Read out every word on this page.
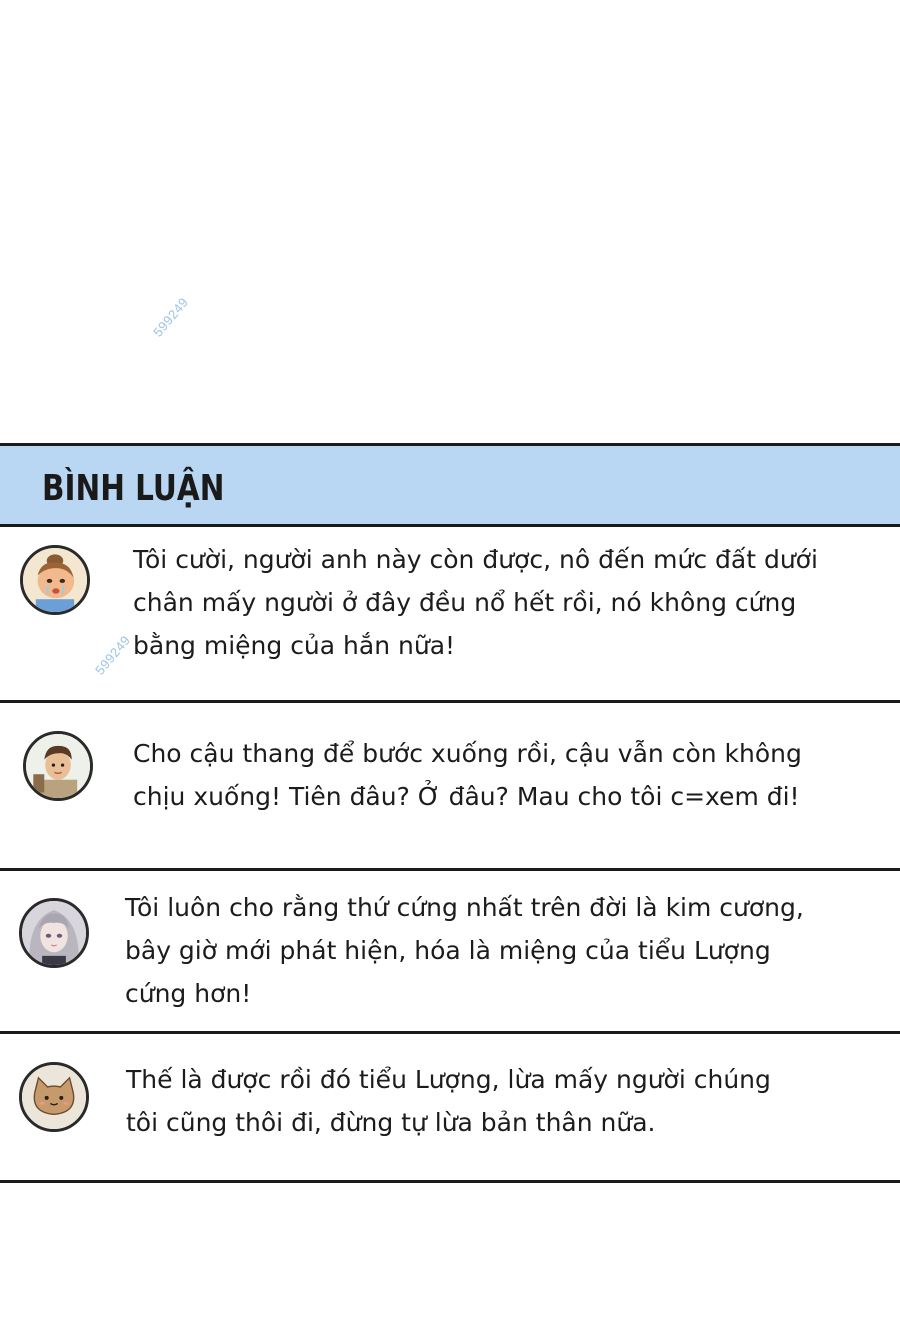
599249
599249
BÌNH LUẬN
Tôi cười, người anh này còn được, nô đến mức đất dưới
chân mấy người ở đây đều nổ hết rồi, nó không cứng
bằng miệng của hắn nữa!
Cho cậu thang để bước xuống rồi, cậu vẫn còn không
chịu xuống! Tiên đâu? Ở đâu? Mau cho tôi c=xem đi!
Tôi luôn cho rằng thứ cứng nhất trên đời là kim cương,
bây giờ mới phát hiện, hóa là miệng của tiểu Lượng
cứng hơn!
Thế là được rồi đó tiểu Lượng, lừa mấy người chúng
tôi cũng thôi đi, đừng tự lừa bản thân nữa.
